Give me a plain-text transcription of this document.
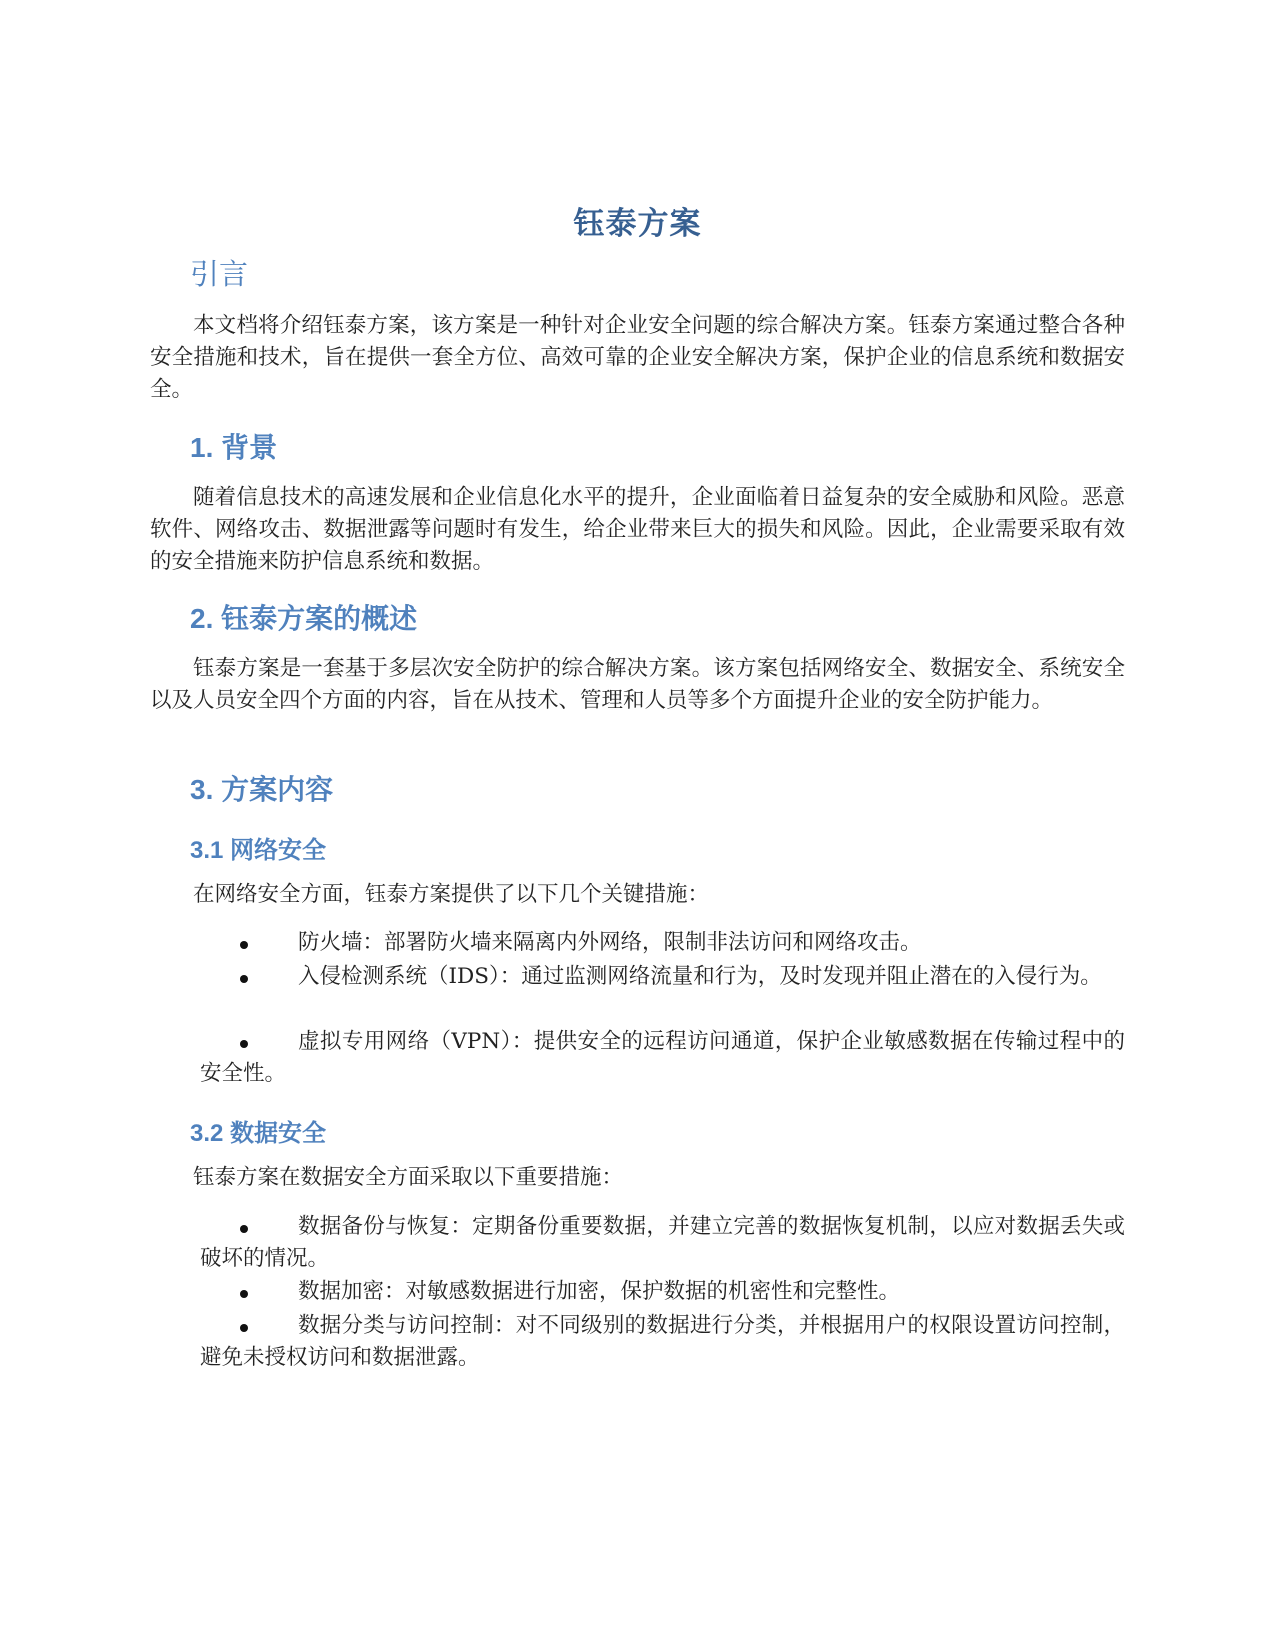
钰泰方案
引言
本文档将介绍钰泰方案，该方案是一种针对企业安全问题的综合解决方案。钰泰方案通过整合各种安全措施和技术，旨在提供一套全方位、高效可靠的企业安全解决方案，保护企业的信息系统和数据安全。
1. 背景
随着信息技术的高速发展和企业信息化水平的提升，企业面临着日益复杂的安全威胁和风险。恶意软件、网络攻击、数据泄露等问题时有发生，给企业带来巨大的损失和风险。因此，企业需要采取有效的安全措施来防护信息系统和数据。
2. 钰泰方案的概述
钰泰方案是一套基于多层次安全防护的综合解决方案。该方案包括网络安全、数据安全、系统安全以及人员安全四个方面的内容，旨在从技术、管理和人员等多个方面提升企业的安全防护能力。
3. 方案内容
3.1 网络安全
在网络安全方面，钰泰方案提供了以下几个关键措施：
防火墙：部署防火墙来隔离内外网络，限制非法访问和网络攻击。
入侵检测系统（IDS）：通过监测网络流量和行为，及时发现并阻止潜在的入侵行为。
虚拟专用网络（VPN）：提供安全的远程访问通道，保护企业敏感数据在传输过程中的安全性。
3.2 数据安全
钰泰方案在数据安全方面采取以下重要措施：
数据备份与恢复：定期备份重要数据，并建立完善的数据恢复机制，以应对数据丢失或破坏的情况。
数据加密：对敏感数据进行加密，保护数据的机密性和完整性。
数据分类与访问控制：对不同级别的数据进行分类，并根据用户的权限设置访问控制，避免未授权访问和数据泄露。
